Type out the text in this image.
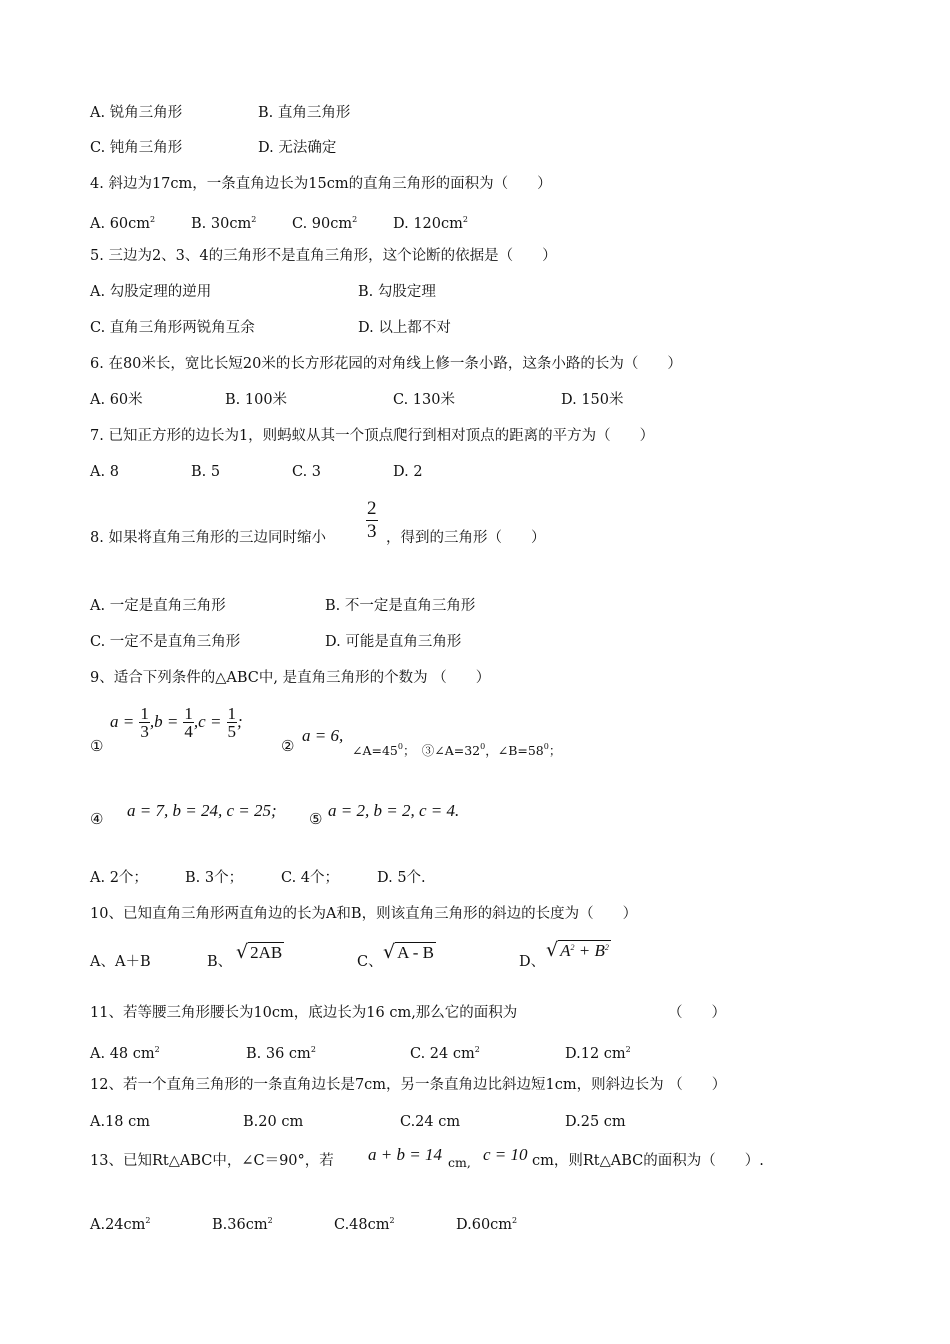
A. 锐角三角形	B. 直角三角形
C. 钝角三角形	D. 无法确定
4. 斜边为17cm，一条直角边长为15cm的直角三角形的面积为（　　）
A. $60cm^2$ B. $30cm^2$ C. $90cm^2$ D. $120cm^2$
5. 三边为2、3、4的三角形不是直角三角形，这个论断的依据是（　　）
A. 勾股定理的逆用	B. 勾股定理
C. 直角三角形两锐角互余	D. 以上都不对
6. 在80米长，宽比长短20米的长方形花园的对角线上修一条小路，这条小路的长为（　　）
A. 60米	B. 100米	C. 130米	D. 150米
7. 已知正方形的边长为1，则蚂蚁从其一个顶点爬行到相对顶点的距离的平方为（　　）
A. 8	B. 5	C. 3	D. 2
8. 如果将直角三角形的三边同时缩小 $\frac{2}{3}$ ，得到的三角形（　　）
A. 一定是直角三角形	B. 不一定是直角三角形
C. 一定不是直角三角形	D. 可能是直角三角形
9、适合下列条件的△ABC中, 是直角三角形的个数为 （　　）
①
$a = \frac{1}{3} ,b = \frac{1}{4} ,c = \frac{1}{5}$ ;
②
a = 6,
$\angle A=45^0$；　$③\angle A=32^0$，$\angle B=58^0$；
④ a = 7, b = 24, c = 25; ⑤ a = 2, b = 2, c = 4.
A. 2个；	B. 3个；	C. 4个；	D. 5个.
10、已知直角三角形两直角边的长为A和B，则该直角三角形的斜边的长度为（　　）
A、A＋B	B、 √ 2AB	C、 √ A - B	D、
√ $A^2 + B^2$
11、若等腰三角形腰长为10cm，底边长为16 cm,那么它的面积为	（　　）
A. 48 $cm^2$	B. 36 $cm^2$	C. 24 $cm^2$	D.12 $cm^2$
12、若一个直角三角形的一条直角边长是7cm，另一条直角边比斜边短1cm，则斜边长为 （　　）
A.18 cm	B.20 cm	C.24 cm	D.25 cm
13、已知Rt△ABC中，∠C＝90°，若 a + b = 14 cm, c = 10 cm，则Rt△ABC的面积为（　　）.
$A.24cm^2$	$B.36cm^2$	$C.48cm^2$	$D.60cm^2$
